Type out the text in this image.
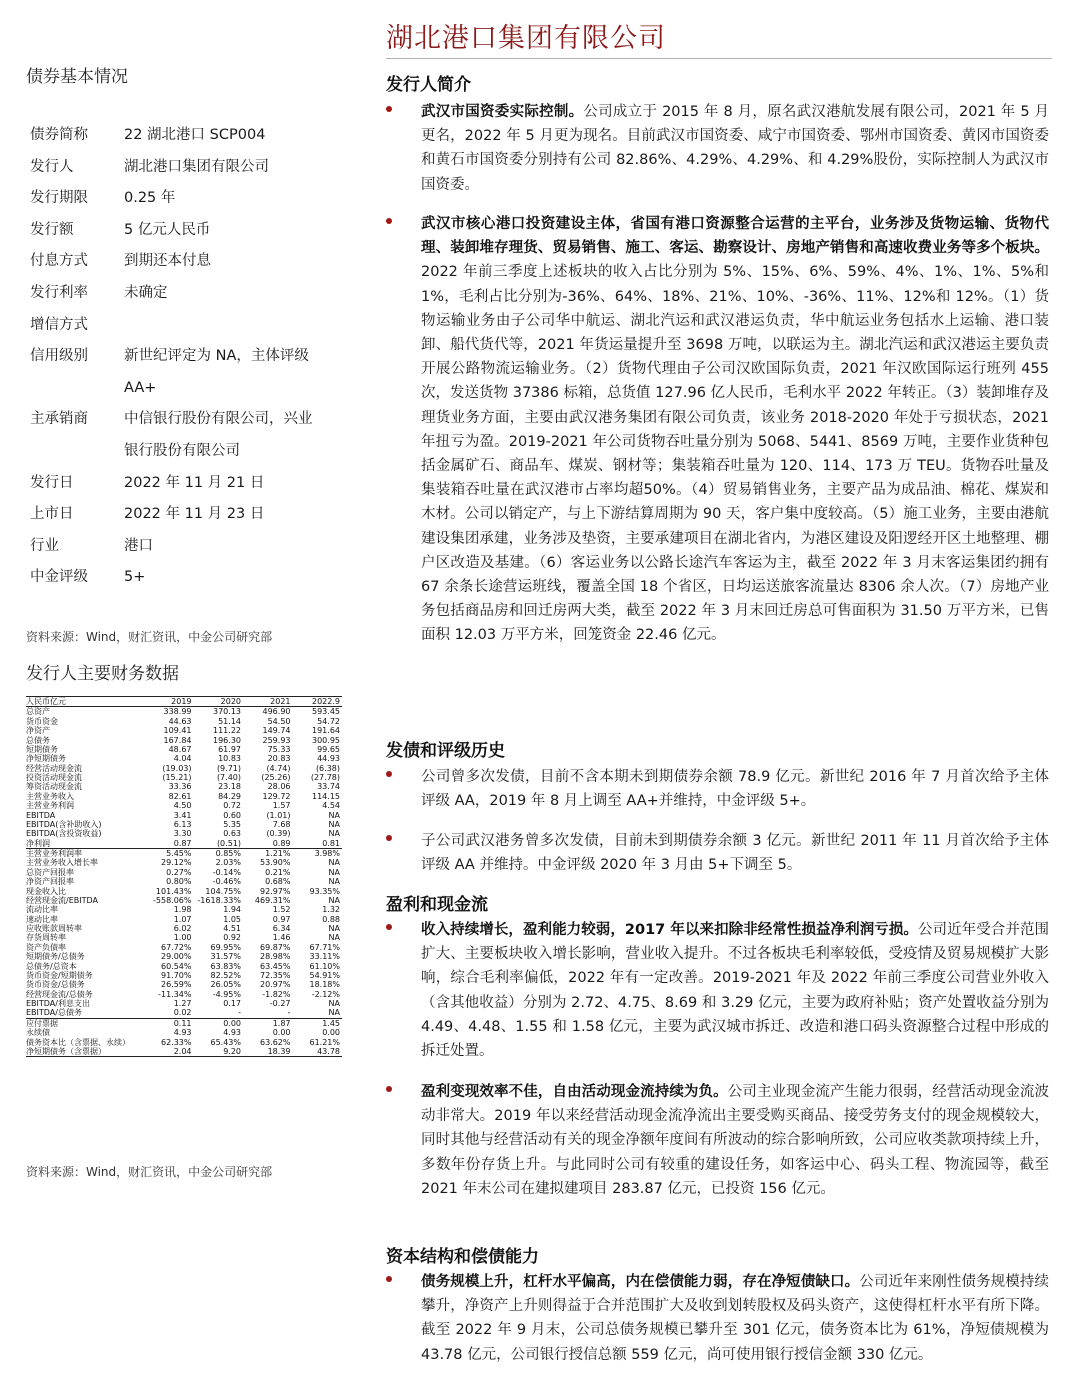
债券基本情况
债券简称	22 湖北港口 SCP004
发行人	湖北港口集团有限公司
发行期限	0.25 年
发行额	5 亿元人民币
付息方式	到期还本付息
发行利率	未确定
增信方式
信用级别	新世纪评定为 NA，主体评级
AA+
主承销商	中信银行股份有限公司，兴业
银行股份有限公司
发行日	2022 年 11 月 21 日
上市日	2022 年 11 月 23 日
行业	港口
中金评级	5+
资料来源：Wind，财汇资讯，中金公司研究部
发行人主要财务数据
人民币亿元	2019	2020	2021	2022.9
总资产	338.99	370.13	496.90	593.45
货币资金	44.63	51.14	54.50	54.72
净资产	109.41	111.22	149.74	191.64
总债务	167.84	196.30	259.93	300.95
短期债务	48.67	61.97	75.33	99.65
净短期债务	4.04	10.83	20.83	44.93
经营活动现金流	(19.03)	(9.71)	(4.74)	(6.38)
投资活动现金流	(15.21)	(7.40)	(25.26)	(27.78)
筹资活动现金流	33.36	23.18	28.06	33.74
主营业务收入	82.61	84.29	129.72	114.15
主营业务利润	4.50	0.72	1.57	4.54
EBITDA	3.41	0.60	(1.01)	NA
EBITDA(含补助收入)	6.13	5.35	7.68	NA
EBITDA(含投资收益)	3.30	0.63	(0.39)	NA
净利润	0.87	(0.51)	0.89	0.81
主营业务利润率	5.45%	0.85%	1.21%	3.98%
主营业务收入增长率	29.12%	2.03%	53.90%	NA
总资产回报率	0.27%	-0.14%	0.21%	NA
净资产回报率	0.80%	-0.46%	0.68%	NA
现金收入比	101.43%	104.75%	92.97%	93.35%
经营现金流/EBITDA	-558.06%	-1618.33%	469.31%	NA
流动比率	1.98	1.94	1.52	1.32
速动比率	1.07	1.05	0.97	0.88
应收账款周转率	6.02	4.51	6.34	NA
存货周转率	1.00	0.92	1.46	NA
资产负债率	67.72%	69.95%	69.87%	67.71%
短期债务/总债务	29.00%	31.57%	28.98%	33.11%
总债务/总资本	60.54%	63.83%	63.45%	61.10%
货币资金/短期债务	91.70%	82.52%	72.35%	54.91%
货币资金/总债务	26.59%	26.05%	20.97%	18.18%
经营现金流/总债务	-11.34%	-4.95%	-1.82%	-2.12%
EBITDA/利息支出	1.27	0.17	-0.27	NA
EBITDA/总债务	0.02	-	-	NA
应付票据	0.11	0.00	1.87	1.45
永续债	4.93	4.93	0.00	0.00
债务资本比（含票据、永续）	62.33%	65.43%	63.62%	61.21%
净短期债务（含票据）	2.04	9.20	18.39	43.78
资料来源：Wind，财汇资讯，中金公司研究部
湖北港口集团有限公司
发行人简介
武汉市国资委实际控制。公司成立于 2015 年 8 月，原名武汉港航发展有限公司，2021 年 5 月更名，2022 年 5 月更为现名。目前武汉市国资委、咸宁市国资委、鄂州市国资委、黄冈市国资委和黄石市国资委分别持有公司 82.86%、4.29%、4.29%、和 4.29%股份，实际控制人为武汉市国资委。
武汉市核心港口投资建设主体，省国有港口资源整合运营的主平台，业务涉及货物运输、货物代理、装卸堆存理货、贸易销售、施工、客运、勘察设计、房地产销售和高速收费业务等多个板块。2022 年前三季度上述板块的收入占比分别为 5%、15%、6%、59%、4%、1%、1%、5%和 1%，毛利占比分别为-36%、64%、18%、21%、10%、-36%、11%、12%和 12%。（1）货物运输业务由子公司华中航运、湖北汽运和武汉港运负责，华中航运业务包括水上运输、港口装卸、船代货代等，2021 年货运量提升至 3698 万吨，以联运为主。湖北汽运和武汉港运主要负责开展公路物流运输业务。（2）货物代理由子公司汉欧国际负责，2021 年汉欧国际运行班列 455 次，发送货物 37386 标箱，总货值 127.96 亿人民币，毛利水平 2022 年转正。（3）装卸堆存及理货业务方面，主要由武汉港务集团有限公司负责，该业务 2018-2020 年处于亏损状态，2021 年扭亏为盈。2019-2021 年公司货物吞吐量分别为 5068、5441、8569 万吨，主要作业货种包括金属矿石、商品车、煤炭、钢材等；集装箱吞吐量为 120、114、173 万 TEU。货物吞吐量及集装箱吞吐量在武汉港市占率均超50%。（4）贸易销售业务，主要产品为成品油、棉花、煤炭和木材。公司以销定产，与上下游结算周期为 90 天，客户集中度较高。（5）施工业务，主要由港航建设集团承建，业务涉及垫资，主要承建项目在湖北省内，为港区建设及阳逻经开区土地整理、棚户区改造及基建。（6）客运业务以公路长途汽车客运为主，截至 2022 年 3 月末客运集团约拥有 67 余条长途营运班线，覆盖全国 18 个省区，日均运送旅客流量达 8306 余人次。（7）房地产业务包括商品房和回迁房两大类，截至 2022 年 3 月末回迁房总可售面积为 31.50 万平方米，已售面积 12.03 万平方米，回笼资金 22.46 亿元。
发债和评级历史
公司曾多次发债，目前不含本期未到期债券余额 78.9 亿元。新世纪 2016 年 7 月首次给予主体评级 AA，2019 年 8 月上调至 AA+并维持，中金评级 5+。
子公司武汉港务曾多次发债，目前未到期债券余额 3 亿元。新世纪 2011 年 11 月首次给予主体评级 AA 并维持。中金评级 2020 年 3 月由 5+下调至 5。
盈利和现金流
收入持续增长，盈利能力较弱，2017 年以来扣除非经常性损益净利润亏损。公司近年受合并范围扩大、主要板块收入增长影响，营业收入提升。不过各板块毛利率较低，受疫情及贸易规模扩大影响，综合毛利率偏低，2022 年有一定改善。2019-2021 年及 2022 年前三季度公司营业外收入（含其他收益）分别为 2.72、4.75、8.69 和 3.29 亿元，主要为政府补贴；资产处置收益分别为 4.49、4.48、1.55 和 1.58 亿元，主要为武汉城市拆迁、改造和港口码头资源整合过程中形成的拆迁处置。
盈利变现效率不佳，自由活动现金流持续为负。公司主业现金流产生能力很弱，经营活动现金流波动非常大。2019 年以来经营活动现金流净流出主要受购买商品、接受劳务支付的现金规模较大，同时其他与经营活动有关的现金净额年度间有所波动的综合影响所致，公司应收类款项持续上升，多数年份存货上升。与此同时公司有较重的建设任务，如客运中心、码头工程、物流园等，截至 2021 年末公司在建拟建项目 283.87 亿元，已投资 156 亿元。
资本结构和偿债能力
债务规模上升，杠杆水平偏高，内在偿债能力弱，存在净短债缺口。公司近年来刚性债务规模持续攀升，净资产上升则得益于合并范围扩大及收到划转股权及码头资产，这使得杠杆水平有所下降。截至 2022 年 9 月末，公司总债务规模已攀升至 301 亿元，债务资本比为 61%，净短债规模为 43.78 亿元，公司银行授信总额 559 亿元，尚可使用银行授信金额 330 亿元。
